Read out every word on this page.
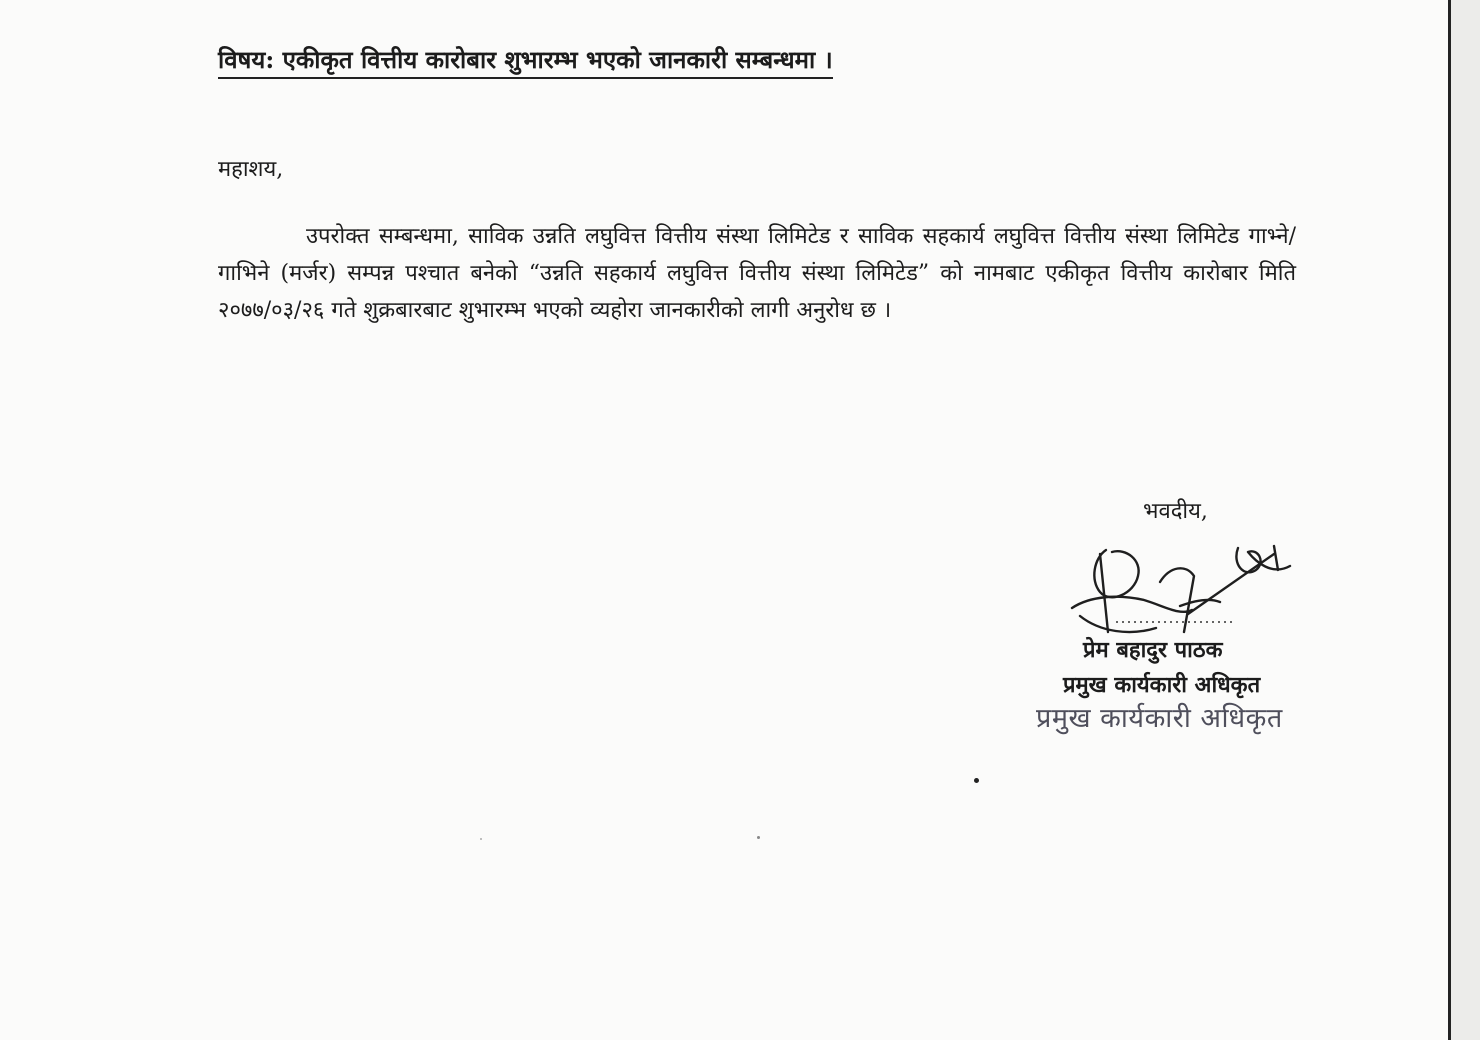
विषय: एकीकृत वित्तीय कारोबार शुभारम्भ भएको जानकारी सम्बन्धमा ।
महाशय,
उपरोक्त सम्बन्धमा, साविक उन्नति लघुवित्त वित्तीय संस्था लिमिटेड र साविक सहकार्य लघुवित्त वित्तीय संस्था लिमिटेड गाभ्ने/गाभिने (मर्जर) सम्पन्न पश्चात बनेको “उन्नति सहकार्य लघुवित्त वित्तीय संस्था लिमिटेड” को नामबाट एकीकृत वित्तीय कारोबार मिति २०७७/०३/२६ गते शुक्रबारबाट शुभारम्भ भएको व्यहोरा जानकारीको लागी अनुरोध छ ।
भवदीय,
प्रेम बहादुर पाठक
प्रमुख कार्यकारी अधिकृत
प्रमुख कार्यकारी अधिकृत
